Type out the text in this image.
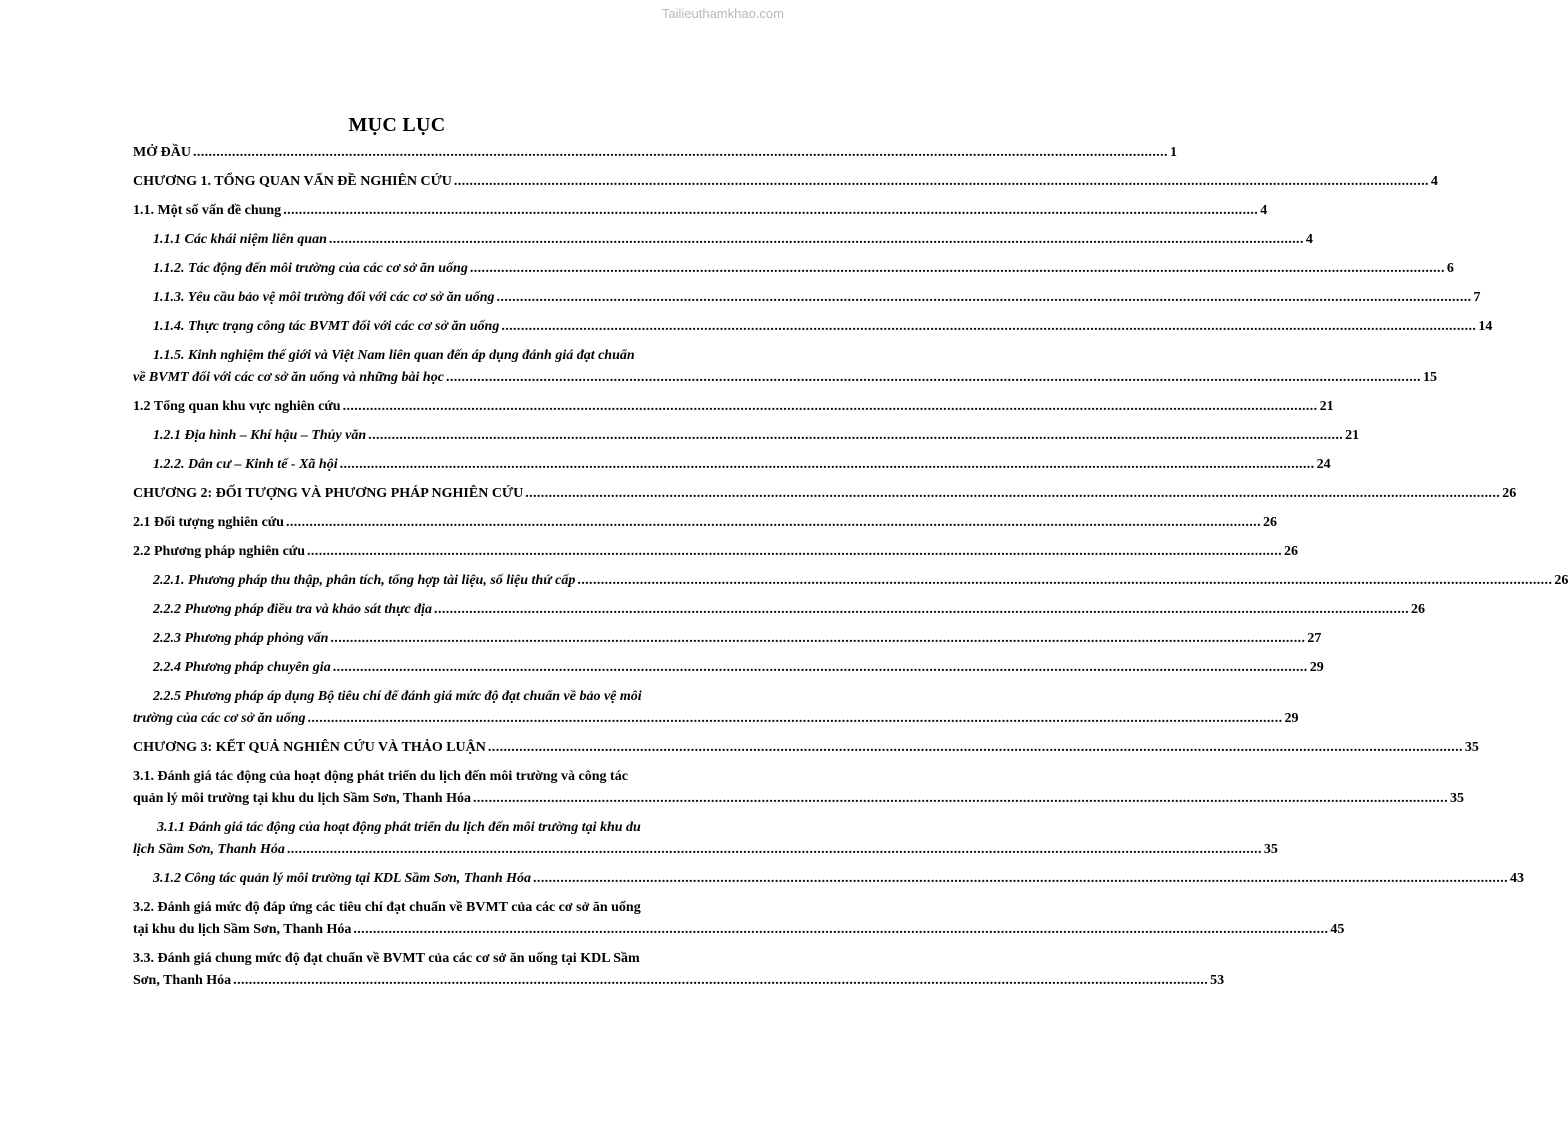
Tailieuthamkhao.com
MỤC LỤC
MỞ ĐẦU .....	1
CHƯƠNG 1. TỔNG QUAN VẤN ĐỀ NGHIÊN CỨU .....	4
1.1. Một số vấn đề chung .....	4
1.1.1 Các khái niệm liên quan .....	4
1.1.2. Tác động đến môi trường của các cơ sở ăn uống .....	6
1.1.3. Yêu cầu bảo vệ môi trường đối với các cơ sở ăn uống .....	7
1.1.4. Thực trạng công tác BVMT đối với các cơ sở ăn uống .....	14
1.1.5. Kinh nghiệm thế giới và Việt Nam liên quan đến áp dụng đánh giá đạt chuẩn
về BVMT đối với các cơ sở ăn uống và những bài học .....	15
1.2 Tổng quan khu vực nghiên cứu .....	21
1.2.1 Địa hình – Khí hậu – Thủy văn .....	21
1.2.2. Dân cư – Kinh tế - Xã hội .....	24
CHƯƠNG 2: ĐỐI TƯỢNG VÀ PHƯƠNG PHÁP NGHIÊN CỨU .....	26
2.1 Đối tượng nghiên cứu .....	26
2.2 Phương pháp nghiên cứu .....	26
2.2.1. Phương pháp thu thập, phân tích, tổng hợp tài liệu, số liệu thứ cấp .....	26
2.2.2 Phương pháp điều tra và khảo sát thực địa .....	26
2.2.3 Phương pháp phỏng vấn .....	27
2.2.4 Phương pháp chuyên gia .....	29
2.2.5 Phương pháp áp dụng Bộ tiêu chí để đánh giá mức độ đạt chuẩn về bảo vệ môi
trường của các cơ sở ăn uống .....	29
CHƯƠNG 3: KẾT QUẢ NGHIÊN CỨU VÀ THẢO LUẬN .....	35
3.1. Đánh giá tác động của hoạt động phát triển du lịch đến môi trường và công tác
quản lý môi trường tại khu du lịch Sầm Sơn, Thanh Hóa .....	35
3.1.1 Đánh giá tác động của hoạt động phát triển du lịch đến môi trường tại khu du
lịch Sầm Sơn, Thanh Hóa .....	35
3.1.2 Công tác quản lý môi trường tại KDL Sầm Sơn, Thanh Hóa .....	43
3.2. Đánh giá mức độ đáp ứng các tiêu chí đạt chuẩn về BVMT của các cơ sở ăn uống
tại khu du lịch Sầm Sơn, Thanh Hóa .....	45
3.3. Đánh giá chung mức độ đạt chuẩn về BVMT của các cơ sở ăn uống tại KDL Sầm
Sơn, Thanh Hóa .....	53
